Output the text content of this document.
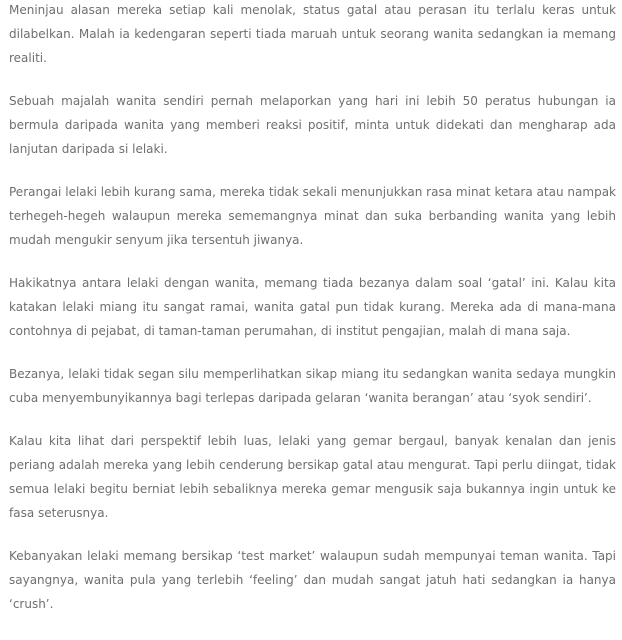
Meninjau alasan mereka setiap kali menolak, status gatal atau perasan itu terlalu keras untuk dilabelkan. Malah ia kedengaran seperti tiada maruah untuk seorang wanita sedangkan ia memang realiti.

Sebuah majalah wanita sendiri pernah melaporkan yang hari ini lebih 50 peratus hubungan ia bermula daripada wanita yang memberi reaksi positif, minta untuk didekati dan mengharap ada lanjutan daripada si lelaki.

Perangai lelaki lebih kurang sama, mereka tidak sekali menunjukkan rasa minat ketara atau nampak terhegeh-hegeh walaupun mereka sememangnya minat dan suka berbanding wanita yang lebih mudah mengukir senyum jika tersentuh jiwanya.

Hakikatnya antara lelaki dengan wanita, memang tiada bezanya dalam soal ‘gatal’ ini. Kalau kita katakan lelaki miang itu sangat ramai, wanita gatal pun tidak kurang. Mereka ada di mana-mana contohnya di pejabat, di taman-taman perumahan, di institut pengajian, malah di mana saja.

Bezanya, lelaki tidak segan silu memperlihatkan sikap miang itu sedangkan wanita sedaya mungkin cuba menyembunyikannya bagi terlepas daripada gelaran ‘wanita berangan’ atau ‘syok sendiri’.

Kalau kita lihat dari perspektif lebih luas, lelaki yang gemar bergaul, banyak kenalan dan jenis periang adalah mereka yang lebih cenderung bersikap gatal atau mengurat. Tapi perlu diingat, tidak semua lelaki begitu berniat lebih sebaliknya mereka gemar mengusik saja bukannya ingin untuk ke fasa seterusnya.

Kebanyakan lelaki memang bersikap ‘test market’ walaupun sudah mempunyai teman wanita. Tapi sayangnya, wanita pula yang terlebih ‘feeling’ dan mudah sangat jatuh hati sedangkan ia hanya ‘crush’.
